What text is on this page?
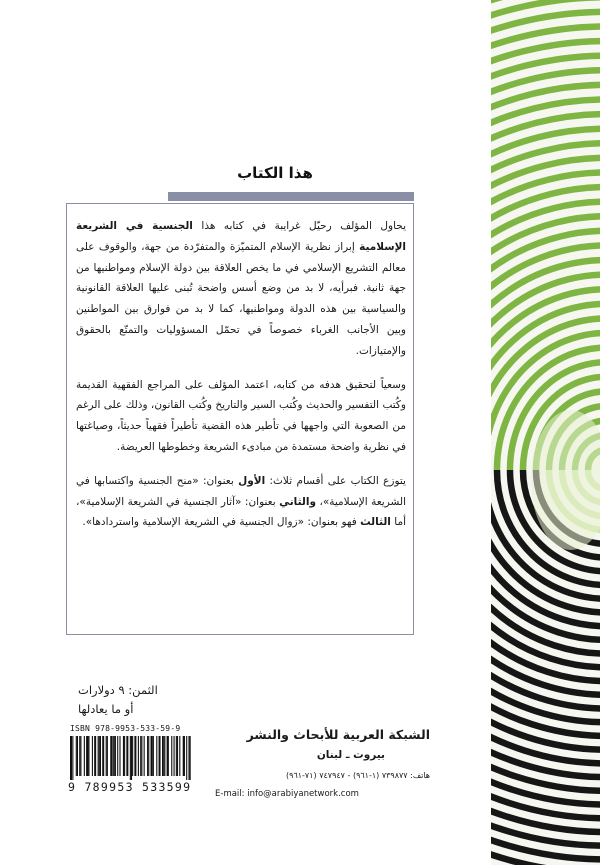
هذا الكتاب

يحاول المؤلف رحيّل غرايبة في كتابه هذا الجنسية في الشريعة الإسلامية إبراز نظرية الإسلام المتميّزة والمتفرّدة من جهة، والوقوف على معالم التشريع الإسلامي في ما يخص العلاقة بين دولة الإسلام ومواطنيها من جهة ثانية. فبرأيه، لا بد من وضع أسس واضحة تُبنى عليها العلاقة القانونية والسياسية بين هذه الدولة ومواطنيها، كما لا بد من فوارق بين المواطنين وبين الأجانب الغرباء خصوصاً في تحمّل المسؤوليات والتمتّع بالحقوق والإمتيازات.

وسعياً لتحقيق هدفه من كتابه، اعتمد المؤلف على المراجع الفقهية القديمة وكُتب التفسير والحديث وكُتب السير والتاريخ وكُتب القانون، وذلك على الرغم من الصعوبة التي واجهها في تأطير هذه القضية تأطيراً فقهياً حديثاً، وصياغتها في نظرية واضحة مستمدة من مبادىء الشريعة وخطوطها العريضة.

يتوزع الكتاب على أقسام ثلاث: الأول بعنوان: «منح الجنسية واكتسابها في الشريعة الإسلامية»، والثاني بعنوان: «آثار الجنسية في الشريعة الإسلامية»، أما الثالث فهو بعنوان: «زوال الجنسية في الشريعة الإسلامية واستردادها».

الثمن: ٩ دولارات
أو ما يعادلها
ISBN 978-9953-533-59-9
9 789953 533599
الشبكة العربية للأبحاث والنشر
بيروت ـ لبنان
هاتف: ٧٣٩٨٧٧ (١-٩٦١) - ٧٤٧٩٤٧ (٧١-٩٦١)
E-mail: info@arabiyanetwork.com
